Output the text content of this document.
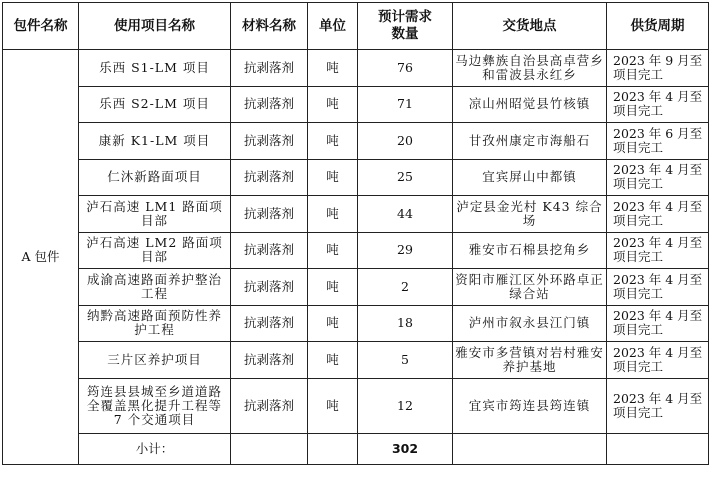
包件名称	使用项目名称	材料名称	单位	预计需求数量	交货地点	供货周期
A 包件	乐西 S1-LM 项目	抗剥落剂	吨	76	马边彝族自治县高卓营乡和雷波县永红乡	2023 年 9 月至项目完工
	乐西 S2-LM 项目	抗剥落剂	吨	71	凉山州昭觉县竹核镇	2023 年 4 月至项目完工
	康新 K1-LM 项目	抗剥落剂	吨	20	甘孜州康定市海船石	2023 年 6 月至项目完工
	仁沐新路面项目	抗剥落剂	吨	25	宜宾屏山中都镇	2023 年 4 月至项目完工
	泸石高速 LM1 路面项目部	抗剥落剂	吨	44	泸定县金光村 K43 综合场	2023 年 4 月至项目完工
	泸石高速 LM2 路面项目部	抗剥落剂	吨	29	雅安市石棉县挖角乡	2023 年 4 月至项目完工
	成渝高速路面养护整治工程	抗剥落剂	吨	2	资阳市雁江区外环路卓正绿合站	2023 年 4 月至项目完工
	纳黔高速路面预防性养护工程	抗剥落剂	吨	18	泸州市叙永县江门镇	2023 年 4 月至项目完工
	三片区养护项目	抗剥落剂	吨	5	雅安市多营镇对岩村雅安养护基地	2023 年 4 月至项目完工
	筠连县县城至乡道道路全覆盖黑化提升工程等 7 个交通项目	抗剥落剂	吨	12	宜宾市筠连县筠连镇	2023 年 4 月至项目完工
	小计：			302		
